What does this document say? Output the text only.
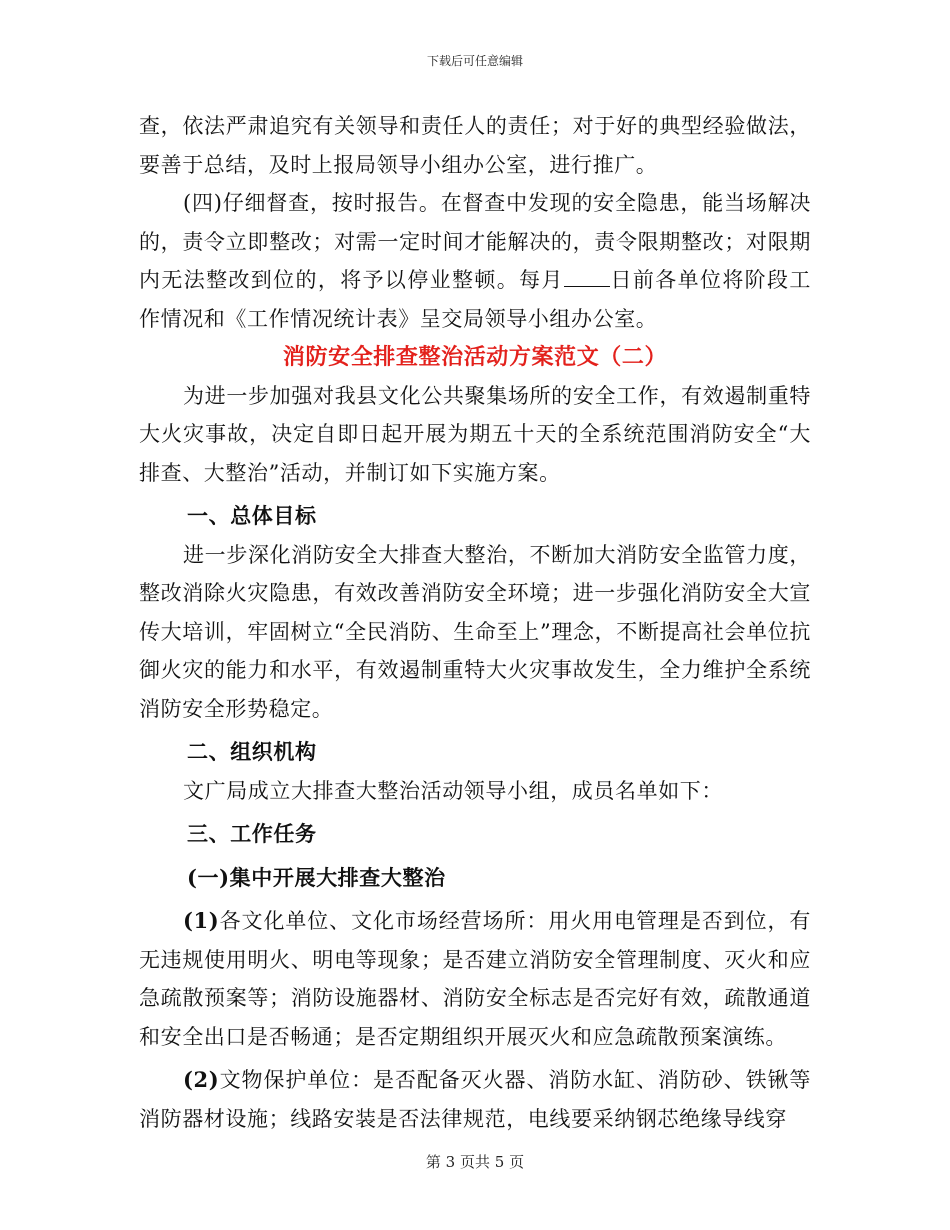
下载后可任意编辑

查，依法严肃追究有关领导和责任人的责任；对于好的典型经验做法，要善于总结，及时上报局领导小组办公室，进行推广。

(四)仔细督查，按时报告。在督查中发现的安全隐患，能当场解决的，责令立即整改；对需一定时间才能解决的，责令限期整改；对限期内无法整改到位的，将予以停业整顿。每月 日前各单位将阶段工作情况和《工作情况统计表》呈交局领导小组办公室。

消防安全排查整治活动方案范文（二）

为进一步加强对我县文化公共聚集场所的安全工作，有效遏制重特大火灾事故，决定自即日起开展为期五十天的全系统范围消防安全“大排查、大整治”活动，并制订如下实施方案。

一、总体目标

进一步深化消防安全大排查大整治，不断加大消防安全监管力度，整改消除火灾隐患，有效改善消防安全环境；进一步强化消防安全大宣传大培训，牢固树立“全民消防、生命至上”理念，不断提高社会单位抗御火灾的能力和水平，有效遏制重特大火灾事故发生，全力维护全系统消防安全形势稳定。

二、组织机构

文广局成立大排查大整治活动领导小组，成员名单如下：

三、工作任务

(一)集中开展大排查大整治

(1)各文化单位、文化市场经营场所：用火用电管理是否到位，有无违规使用明火、明电等现象；是否建立消防安全管理制度、灭火和应急疏散预案等；消防设施器材、消防安全标志是否完好有效，疏散通道和安全出口是否畅通；是否定期组织开展灭火和应急疏散预案演练。

(2)文物保护单位：是否配备灭火器、消防水缸、消防砂、铁锹等消防器材设施；线路安装是否法律规范，电线要采纳钢芯绝缘导线穿

第 3 页共 5 页
